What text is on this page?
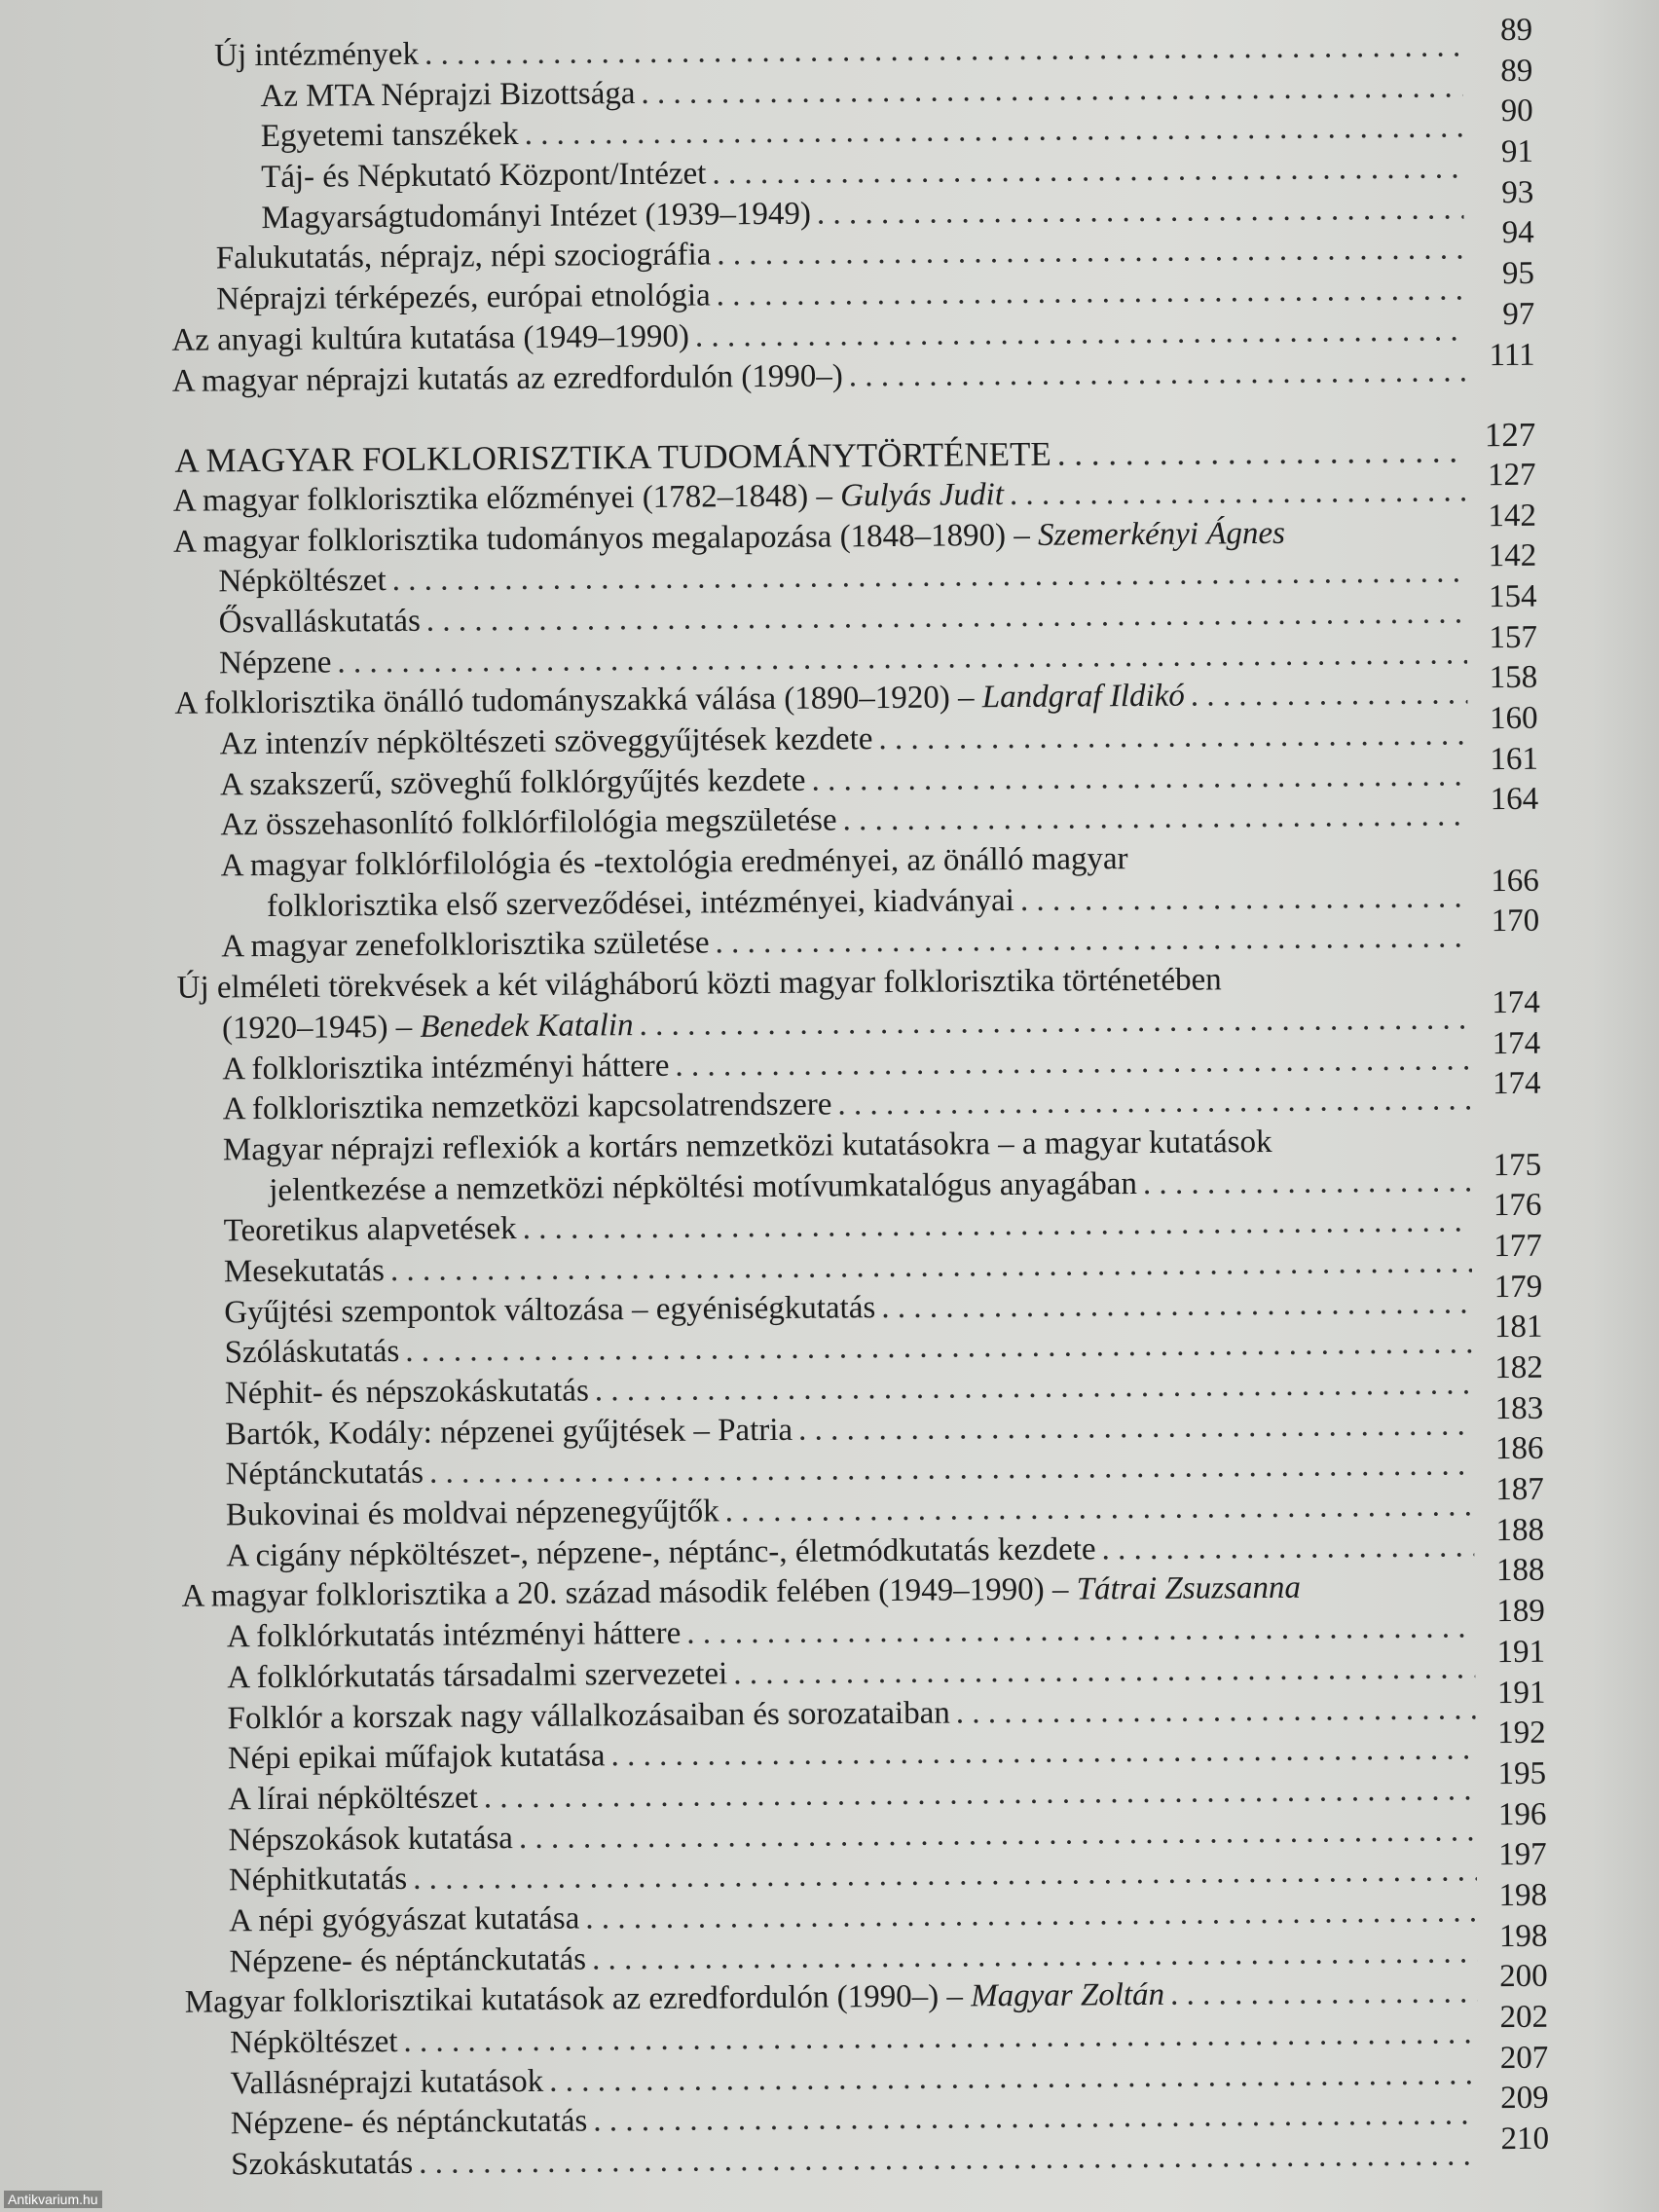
Új intézmények
. . .
89
Az MTA Néprajzi Bizottsága
. . .
89
Egyetemi tanszékek
. . .
90
Táj- és Népkutató Központ/Intézet
. . .
91
Magyarságtudományi Intézet (1939–1949)
. . .
93
Falukutatás, néprajz, népi szociográfia
. . .
94
Néprajzi térképezés, európai etnológia
. . .
95
Az anyagi kultúra kutatása (1949–1990)
. . .
97
A magyar néprajzi kutatás az ezredfordulón (1990–)
. . .
111
A MAGYAR FOLKLORISZTIKA TUDOMÁNYTÖRTÉNETE
. . .
127
A magyar folklorisztika előzményei (1782–1848) – Gulyás Judit
. . .
127
A magyar folklorisztika tudományos megalapozása (1848–1890) – Szemerkényi Ágnes	142
Népköltészet
. . .
142
Ősvalláskutatás
. . .
154
Népzene
. . .
157
A folklorisztika önálló tudományszakká válása (1890–1920) – Landgraf Ildikó
. . .
158
Az intenzív népköltészeti szöveggyűjtések kezdete
. . .
160
A szakszerű, szöveghű folklórgyűjtés kezdete
. . .
161
Az összehasonlító folklórfilológia megszületése
. . .
164
A magyar folklórfilológia és -textológia eredményei, az önálló magyar
folklorisztika első szerveződései, intézményei, kiadványai
. . .
166
A magyar zenefolklorisztika születése
. . .
170
Új elméleti törekvések a két világháború közti magyar folklorisztika történetében
(1920–1945) – Benedek Katalin
. . .
174
A folklorisztika intézményi háttere
. . .
174
A folklorisztika nemzetközi kapcsolatrendszere
. . .
174
Magyar néprajzi reflexiók a kortárs nemzetközi kutatásokra – a magyar kutatások
jelentkezése a nemzetközi népköltési motívumkatalógus anyagában
. . .
175
Teoretikus alapvetések
. . .
176
Mesekutatás
. . .
177
Gyűjtési szempontok változása – egyéniségkutatás
. . .
179
Szóláskutatás
. . .
181
Néphit- és népszokáskutatás
. . .
182
Bartók, Kodály: népzenei gyűjtések – Patria
. . .
183
Néptánckutatás
. . .
186
Bukovinai és moldvai népzenegyűjtők
. . .
187
A cigány népköltészet-, népzene-, néptánc-, életmódkutatás kezdete
. . .
188
A magyar folklorisztika a 20. század második felében (1949–1990) – Tátrai Zsuzsanna	188
A folklórkutatás intézményi háttere
. . .
189
A folklórkutatás társadalmi szervezetei
. . .
191
Folklór a korszak nagy vállalkozásaiban és sorozataiban
. . .
191
Népi epikai műfajok kutatása
. . .
192
A lírai népköltészet
. . .
195
Népszokások kutatása
. . .
196
Néphitkutatás
. . .
197
A népi gyógyászat kutatása
. . .
198
Népzene- és néptánckutatás
. . .
198
Magyar folklorisztikai kutatások az ezredfordulón (1990–) – Magyar Zoltán
. . .
200
Népköltészet
. . .
202
Vallásnéprajzi kutatások
. . .
207
Népzene- és néptánckutatás
. . .
209
Szokáskutatás
. . .
210
Antikvarium.hu
